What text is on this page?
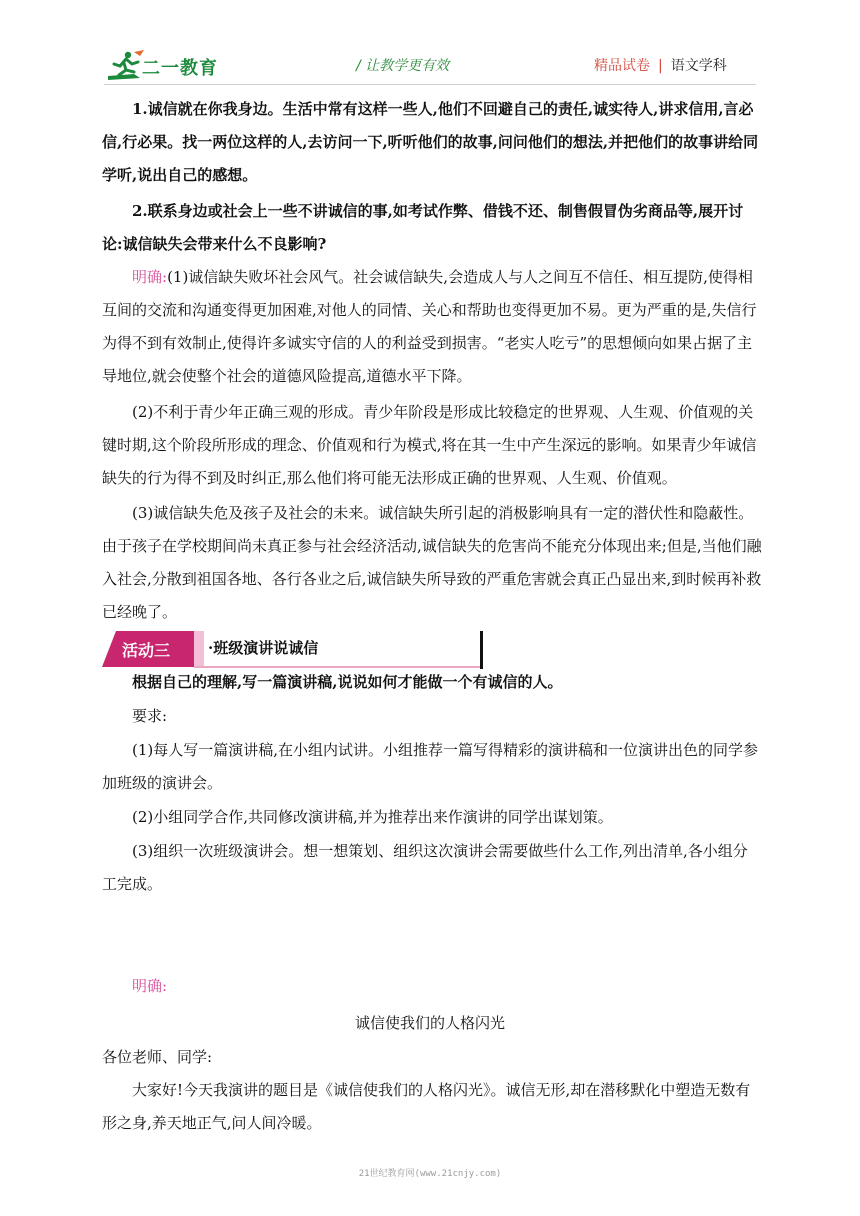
二一教育	/ 让教学更有效	精品试卷 | 语文学科

1.诚信就在你我身边。生活中常有这样一些人,他们不回避自己的责任,诚实待人,讲求信用,言必信,行必果。找一两位这样的人,去访问一下,听听他们的故事,问问他们的想法,并把他们的故事讲给同学听,说出自己的感想。

2.联系身边或社会上一些不讲诚信的事,如考试作弊、借钱不还、制售假冒伪劣商品等,展开讨论:诚信缺失会带来什么不良影响?

明确:(1)诚信缺失败坏社会风气。社会诚信缺失,会造成人与人之间互不信任、相互提防,使得相互间的交流和沟通变得更加困难,对他人的同情、关心和帮助也变得更加不易。更为严重的是,失信行为得不到有效制止,使得许多诚实守信的人的利益受到损害。“老实人吃亏”的思想倾向如果占据了主导地位,就会使整个社会的道德风险提高,道德水平下降。

(2)不利于青少年正确三观的形成。青少年阶段是形成比较稳定的世界观、人生观、价值观的关键时期,这个阶段所形成的理念、价值观和行为模式,将在其一生中产生深远的影响。如果青少年诚信缺失的行为得不到及时纠正,那么他们将可能无法形成正确的世界观、人生观、价值观。

(3)诚信缺失危及孩子及社会的未来。诚信缺失所引起的消极影响具有一定的潜伏性和隐蔽性。由于孩子在学校期间尚未真正参与社会经济活动,诚信缺失的危害尚不能充分体现出来;但是,当他们融入社会,分散到祖国各地、各行各业之后,诚信缺失所导致的严重危害就会真正凸显出来,到时候再补救已经晚了。

活动三	·班级演讲说诚信

根据自己的理解,写一篇演讲稿,说说如何才能做一个有诚信的人。

要求:

(1)每人写一篇演讲稿,在小组内试讲。小组推荐一篇写得精彩的演讲稿和一位演讲出色的同学参加班级的演讲会。

(2)小组同学合作,共同修改演讲稿,并为推荐出来作演讲的同学出谋划策。

(3)组织一次班级演讲会。想一想策划、组织这次演讲会需要做些什么工作,列出清单,各小组分工完成。

明确:

诚信使我们的人格闪光

各位老师、同学:

大家好!今天我演讲的题目是《诚信使我们的人格闪光》。诚信无形,却在潜移默化中塑造无数有形之身,养天地正气,问人间冷暖。

21世纪教育网(www.21cnjy.com)
